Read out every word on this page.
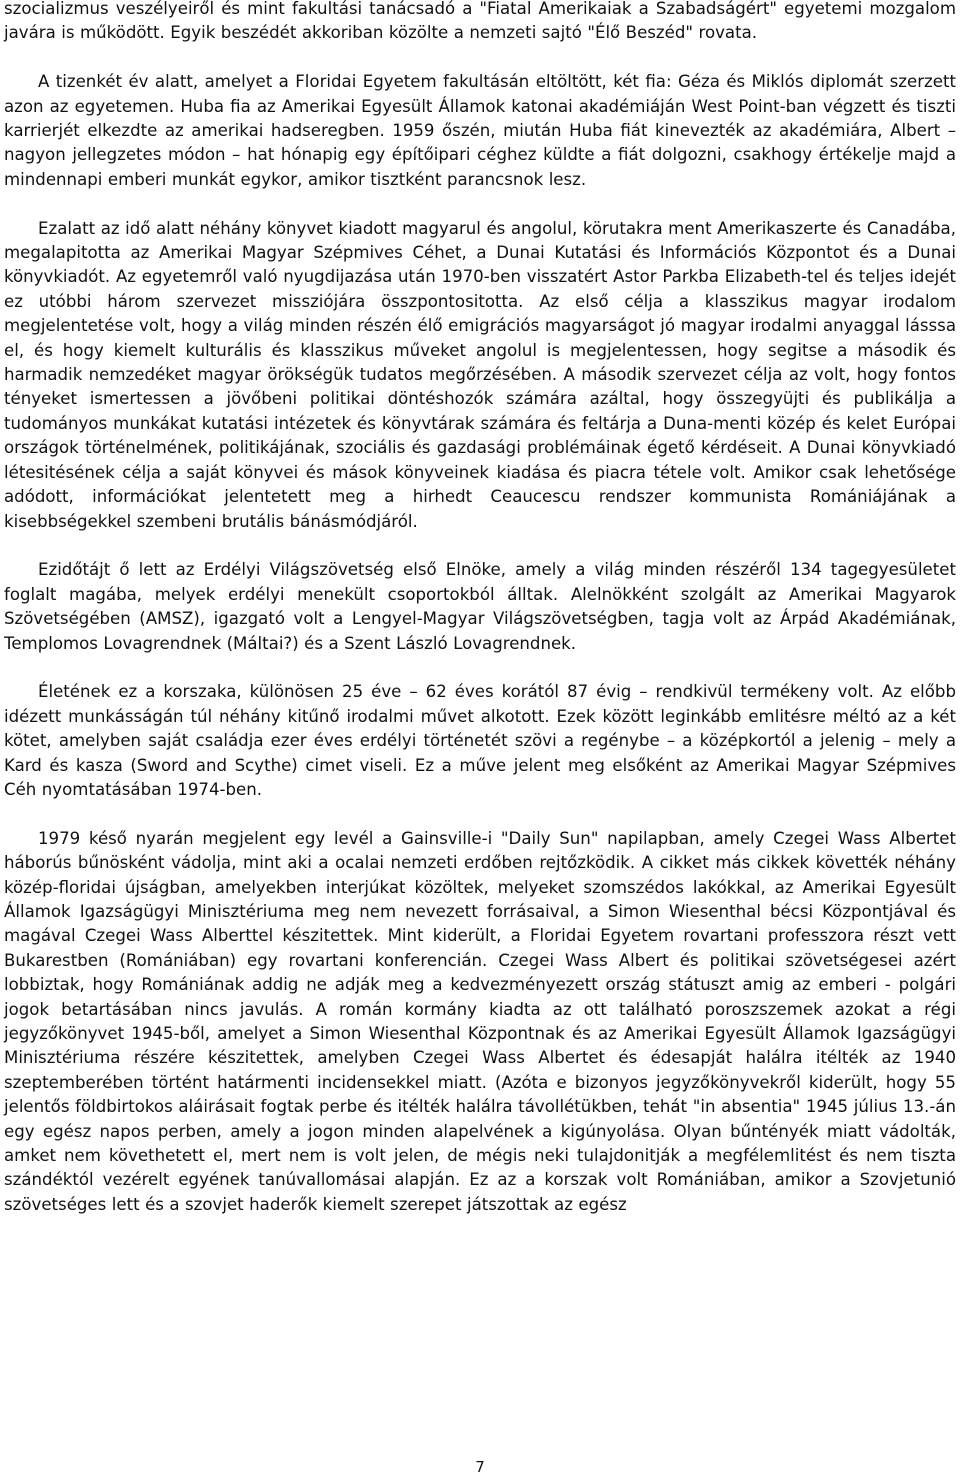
szocializmus veszélyeiről és mint fakultási tanácsadó a "Fiatal Amerikaiak a Szabadságért" egyetemi mozgalom javára is működött. Egyik beszédét akkoriban közölte a nemzeti sajtó "Élő Beszéd" rovata.

A tizenkét év alatt, amelyet a Floridai Egyetem fakultásán eltöltött, két fia: Géza és Miklós diplomát szerzett azon az egyetemen. Huba fia az Amerikai Egyesült Államok katonai akadémiáján West Point-ban végzett és tiszti karrierjét elkezdte az amerikai hadseregben. 1959 őszén, miután Huba fiát kinevezték az akadémiára, Albert – nagyon jellegzetes módon – hat hónapig egy építőipari céghez küldte a fiát dolgozni, csakhogy értékelje majd a mindennapi emberi munkát egykor, amikor tisztként parancsnok lesz.

Ezalatt az idő alatt néhány könyvet kiadott magyarul és angolul, körutakra ment Amerikaszerte és Canadába, megalapitotta az Amerikai Magyar Szépmives Céhet, a Dunai Kutatási és Információs Központot és a Dunai könyvkiadót. Az egyetemről való nyugdijazása után 1970-ben visszatért Astor Parkba Elizabeth-tel és teljes idejét ez utóbbi három szervezet missziójára összpontositotta. Az első célja a klasszikus magyar irodalom megjelentetése volt, hogy a világ minden részén élő emigrációs magyarságot jó magyar irodalmi anyaggal lásssa el, és hogy kiemelt kulturális és klasszikus műveket angolul is megjelentessen, hogy segitse a második és harmadik nemzedéket magyar örökségük tudatos megőrzésében. A második szervezet célja az volt, hogy fontos tényeket ismertessen a jövőbeni politikai döntéshozók számára azáltal, hogy összegyüjti és publikálja a tudományos munkákat kutatási intézetek és könyvtárak számára és feltárja a Duna-menti közép és kelet Európai országok történelmének, politikájának, szociális és gazdasági problémáinak égető kérdéseit. A Dunai könyvkiadó létesitésének célja a saját könyvei és mások könyveinek kiadása és piacra tétele volt. Amikor csak lehetősége adódott, információkat jelentetett meg a hirhedt Ceaucescu rendszer kommunista Romániájának a kisebbségekkel szembeni brutális bánásmódjáról.

Ezidőtájt ő lett az Erdélyi Világszövetség első Elnöke, amely a világ minden részéről 134 tagegyesületet foglalt magába, melyek erdélyi menekült csoportokból álltak. Alelnökként szolgált az Amerikai Magyarok Szövetségében (AMSZ), igazgató volt a Lengyel-Magyar Világszövetségben, tagja volt az Árpád Akadémiának, Templomos Lovagrendnek (Máltai?) és a Szent László Lovagrendnek.

Életének ez a korszaka, különösen 25 éve – 62 éves korától 87 évig – rendkivül termékeny volt. Az előbb idézett munkásságán túl néhány kitűnő irodalmi művet alkotott. Ezek között leginkább emlitésre méltó az a két kötet, amelyben saját családja ezer éves erdélyi történetét szövi a regénybe – a középkortól a jelenig – mely a Kard és kasza (Sword and Scythe) cimet viseli. Ez a műve jelent meg elsőként az Amerikai Magyar Szépmives Céh nyomtatásában 1974-ben.

1979 késő nyarán megjelent egy levél a Gainsville-i "Daily Sun" napilapban, amely Czegei Wass Albertet háborús bűnösként vádolja, mint aki a ocalai nemzeti erdőben rejtőzködik. A cikket más cikkek követték néhány közép-floridai újságban, amelyekben interjúkat közöltek, melyeket szomszédos lakókkal, az Amerikai Egyesült Államok Igazságügyi Minisztériuma meg nem nevezett forrásaival, a Simon Wiesenthal bécsi Központjával és magával Czegei Wass Alberttel készitettek. Mint kiderült, a Floridai Egyetem rovartani professzora részt vett Bukarestben (Romániában) egy rovartani konferencián. Czegei Wass Albert és politikai szövetségesei azért lobbiztak, hogy Romániának addig ne adják meg a kedvezményezett ország státuszt amig az emberi - polgári jogok betartásában nincs javulás. A román kormány kiadta az ott található poroszszemek azokat a régi jegyzőkönyvet 1945-ből, amelyet a Simon Wiesenthal Központnak és az Amerikai Egyesült Államok Igazságügyi Minisztériuma részére készitettek, amelyben Czegei Wass Albertet és édesapját halálra itélték az 1940 szeptemberében történt határmenti incidensekkel miatt. (Azóta e bizonyos jegyzőkönyvekről kiderült, hogy 55 jelentős földbirtokos aláirásait fogtak perbe és itélték halálra távollétükben, tehát "in absentia" 1945 július 13.-án egy egész napos perben, amely a jogon minden alapelvének a kigúnyolása. Olyan bűntényék miatt vádolták, amket nem követhetett el, mert nem is volt jelen, de mégis neki tulajdonitják a megfélemlitést és nem tiszta szándéktól vezérelt egyének tanúvallomásai alapján. Ez az a korszak volt Romániában, amikor a Szovjetunió szövetséges lett és a szovjet haderők kiemelt szerepet játszottak az egész

7
